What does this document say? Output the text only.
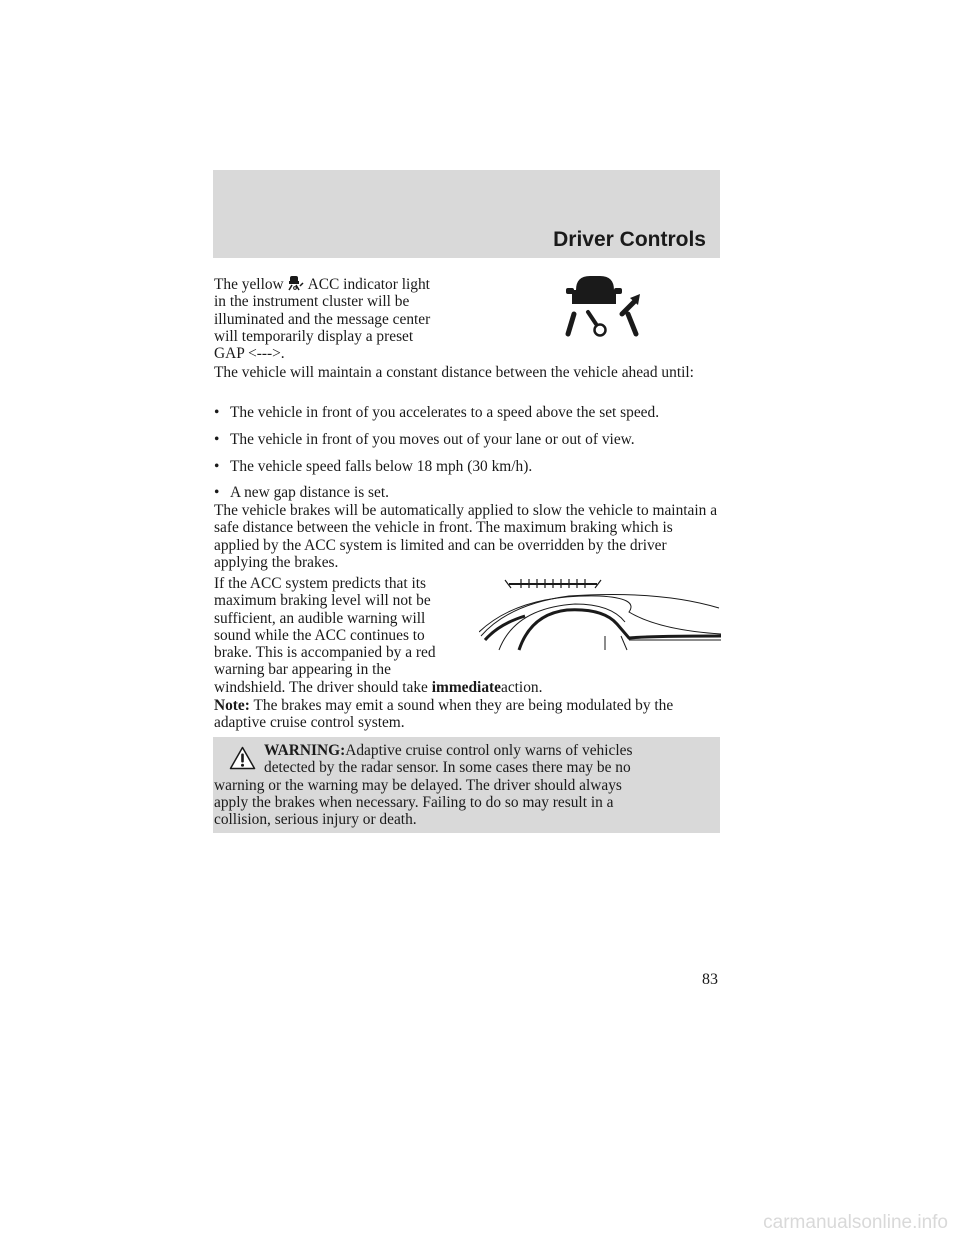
Driver Controls
The yellow ACC indicator light
in the instrument cluster will be
illuminated and the message center
will temporarily display a preset
GAP <--->.

The vehicle will maintain a constant distance between the vehicle ahead until:

• The vehicle in front of you accelerates to a speed above the set speed.
• The vehicle in front of you moves out of your lane or out of view.
• The vehicle speed falls below 18 mph (30 km/h).
• A new gap distance is set.

The vehicle brakes will be automatically applied to slow the vehicle to maintain a safe distance between the vehicle in front. The maximum braking which is applied by the ACC system is limited and can be overridden by the driver applying the brakes.

If the ACC system predicts that its
maximum braking level will not be
sufficient, an audible warning will
sound while the ACC continues to
brake. This is accompanied by a red
warning bar appearing in the
windshield. The driver should take immediateaction.
Note: The brakes may emit a sound when they are being modulated by the adaptive cruise control system.
WARNING:Adaptive cruise control only warns of vehicles
detected by the radar sensor. In some cases there may be no
warning or the warning may be delayed. The driver should always
apply the brakes when necessary. Failing to do so may result in a
collision, serious injury or death.
83
carmanualsonline.info
